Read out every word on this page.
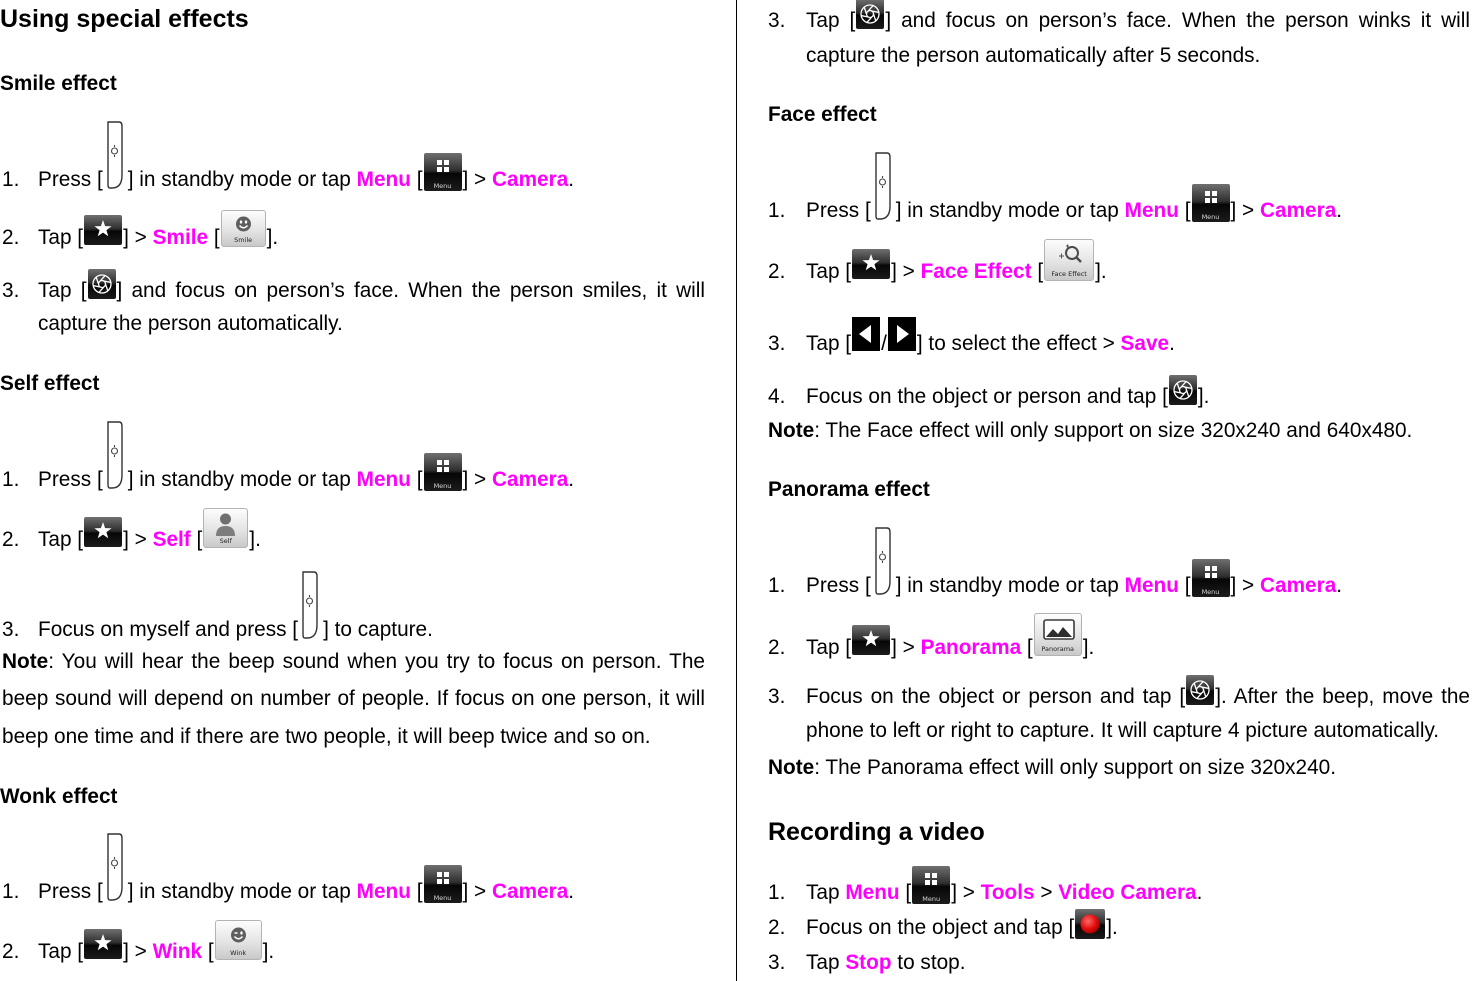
Using special effects
Smile effect
1. Press [ ] in standby mode or tap Menu [	Menu ] > Camera.
2. Tap [ ] > Smile [	Smile ].
3. Tap [ ] and focus on person’s face. When the person smiles, it will
capture the person automatically.
Self effect
1. Press [ ] in standby mode or tap Menu [	Menu ] > Camera.
2. Tap [ ] > Self [	Self ].
3. Focus on myself and press [ ] to capture.
Note: You will hear the beep sound when you try to focus on person. The
beep sound will depend on number of people. If focus on one person, it will
beep one time and if there are two people, it will beep twice and so on.
Wonk effect
1. Press [ ] in standby mode or tap Menu [	Menu ] > Camera.
2. Tap [ ] > Wink [	Wink ].
3. Tap [ ] and focus on person’s face. When the person winks it will
capture the person automatically after 5 seconds.
Face effect
1. Press [ ] in standby mode or tap Menu [	Menu ] > Camera.
2. Tap [ ] > Face Effect [	Face Effect ].
3. Tap [ / ] to select the effect > Save.
4. Focus on the object or person and tap [ ].
Note: The Face effect will only support on size 320x240 and 640x480.
Panorama effect
1. Press [ ] in standby mode or tap Menu [	Menu ] > Camera.
2. Tap [ ] > Panorama [	Panorama ].
3. Focus on the object or person and tap [ ]. After the beep, move the
phone to left or right to capture. It will capture 4 picture automatically.
Note: The Panorama effect will only support on size 320x240.
Recording a video
1. Tap Menu [	Menu ] > Tools > Video Camera.
2. Focus on the object and tap [ ].
3. Tap Stop to stop.
